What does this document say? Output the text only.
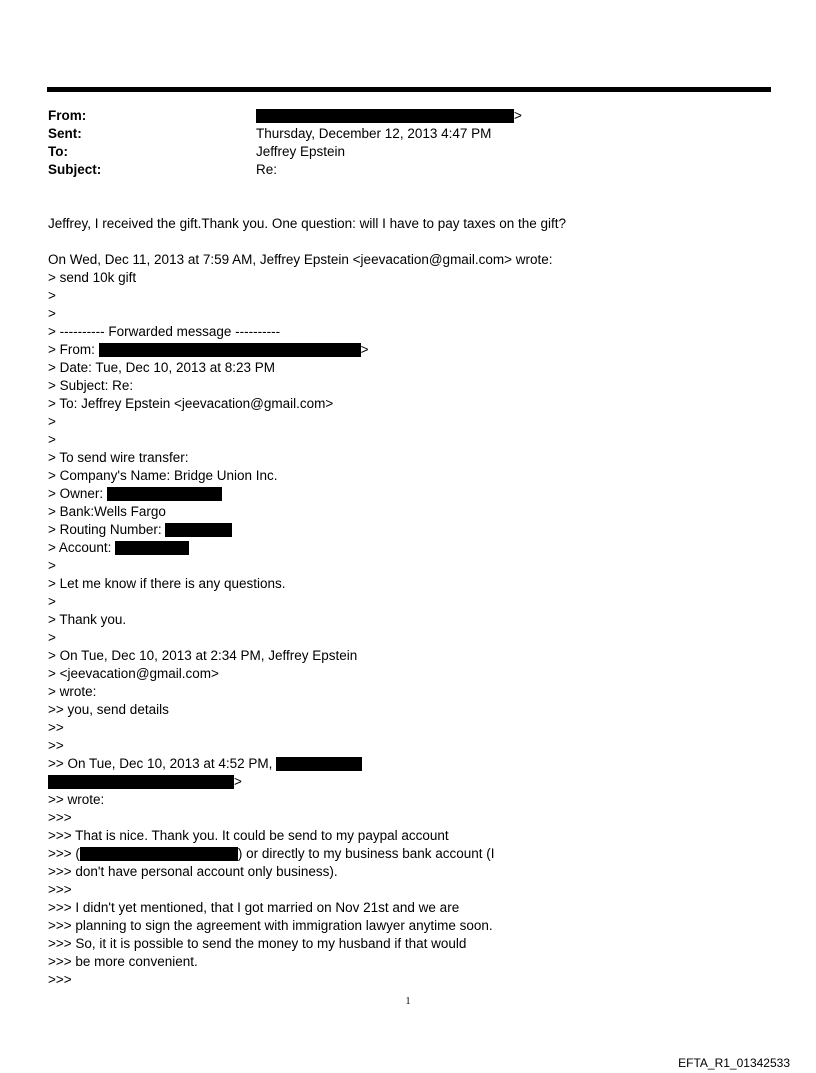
From:	>
Sent:	Thursday, December 12, 2013 4:47 PM
To:	Jeffrey Epstein
Subject:	Re:
Jeffrey, I received the gift.Thank you. One question: will I have to pay taxes on the gift?
On Wed, Dec 11, 2013 at 7:59 AM, Jeffrey Epstein <jeevacation@gmail.com> wrote:
> send 10k gift
>
>
> ---------- Forwarded message ----------
> From:	>
> Date: Tue, Dec 10, 2013 at 8:23 PM
> Subject: Re:
> To: Jeffrey Epstein <jeevacation@gmail.com>
>
>
> To send wire transfer:
> Company's Name: Bridge Union Inc.
> Owner:
> Bank:Wells Fargo
> Routing Number:
> Account:
>
> Let me know if there is any questions.
>
> Thank you.
>
> On Tue, Dec 10, 2013 at 2:34 PM, Jeffrey Epstein
> <jeevacation@gmail.com>
> wrote:
>> you, send details
>>
>>
>> On Tue, Dec 10, 2013 at 4:52 PM,
>
>> wrote:
>>>
>>> That is nice. Thank you. It could be send to my paypal account
>>> (	) or directly to my business bank account (I
>>> don't have personal account only business).
>>>
>>> I didn't yet mentioned, that I got married on Nov 21st and we are
>>> planning to sign the agreement with immigration lawyer anytime soon.
>>> So, it it is possible to send the money to my husband if that would
>>> be more convenient.
>>>
1
EFTA_R1_01342533
